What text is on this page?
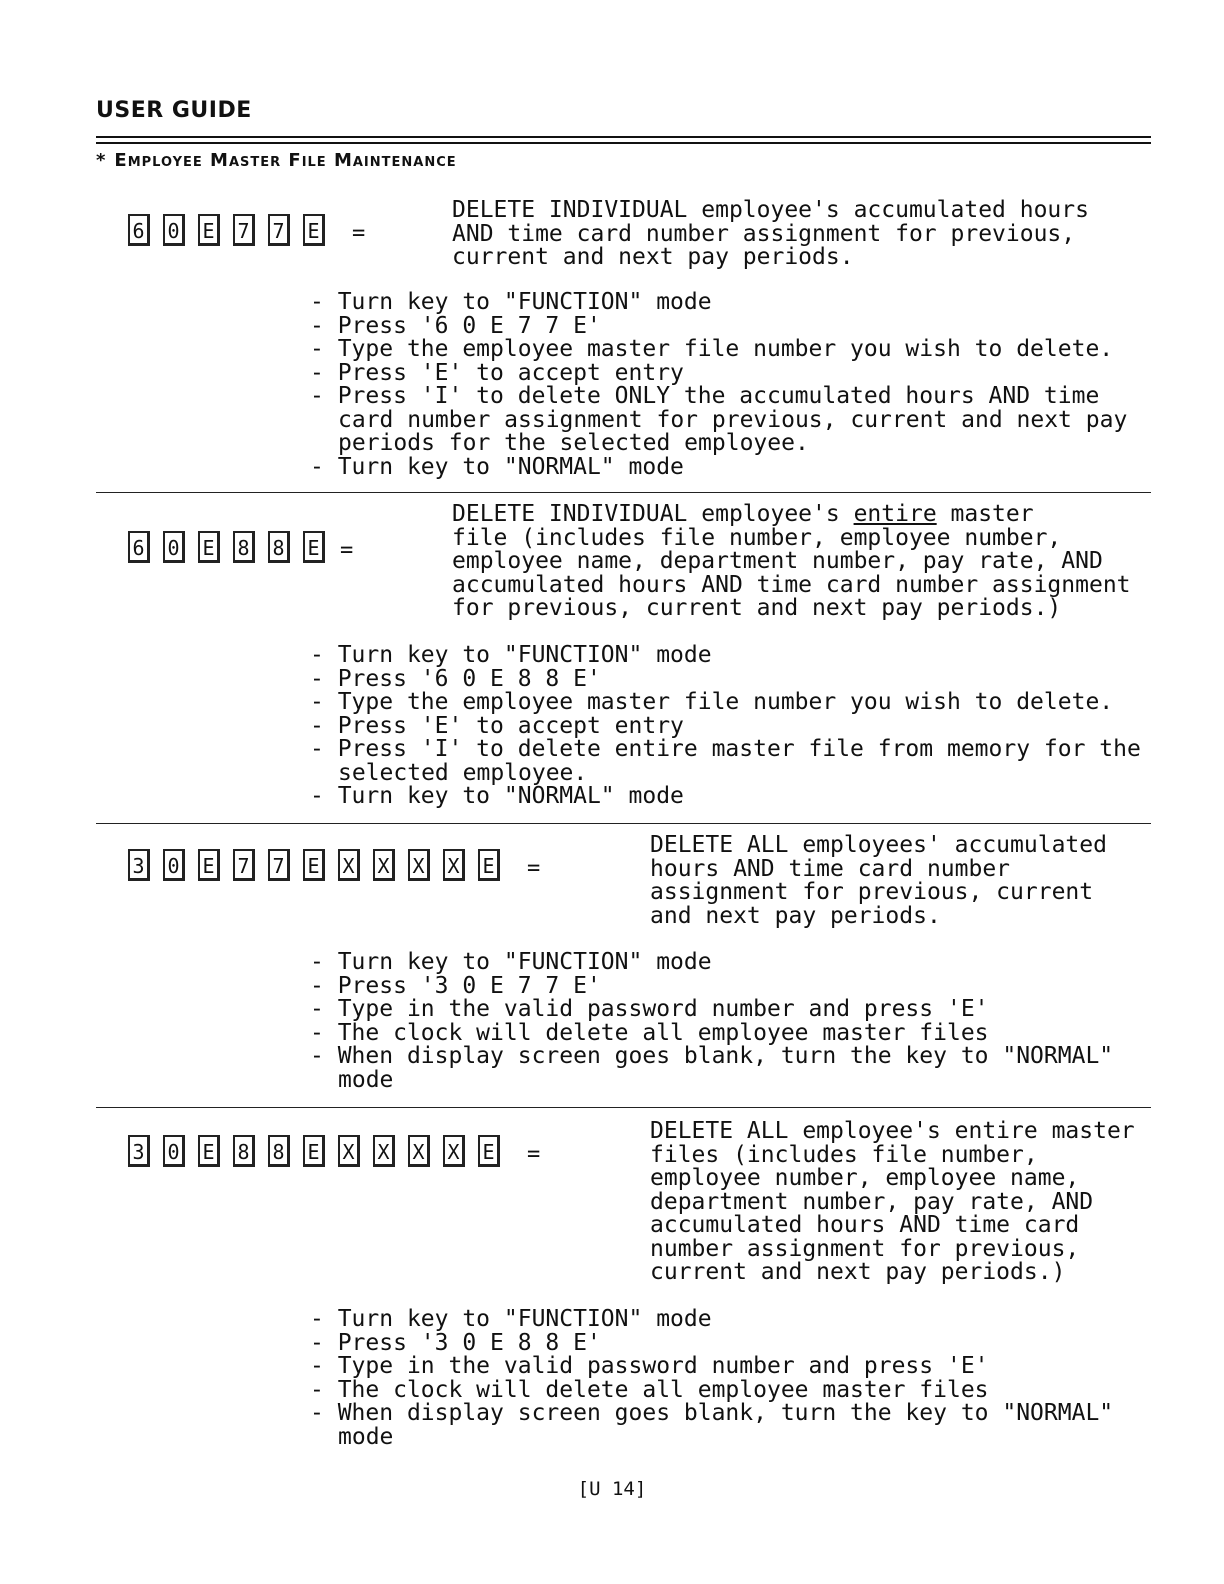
USER GUIDE
* Employee Master File Maintenance
6 0 E 7 7 E =
DELETE INDIVIDUAL employee's accumulated hours
AND time card number assignment for previous,
current and next pay periods.
- Turn key to "FUNCTION" mode
- Press '6 0 E 7 7 E'
- Type the employee master file number you wish to delete.
- Press 'E' to accept entry
- Press 'I' to delete ONLY the accumulated hours AND time card number assignment for previous, current and next pay periods for the selected employee.
- Turn key to "NORMAL" mode
6 0 E 8 8 E =
DELETE INDIVIDUAL employee's entire master
file (includes file number, employee number,
employee name, department number, pay rate, AND
accumulated hours AND time card number assignment
for previous, current and next pay periods.)
- Turn key to "FUNCTION" mode
- Press '6 0 E 8 8 E'
- Type the employee master file number you wish to delete.
- Press 'E' to accept entry
- Press 'I' to delete entire master file from memory for the selected employee.
- Turn key to "NORMAL" mode
3 0 E 7 7 E X X X X E =
DELETE ALL employees' accumulated
hours AND time card number
assignment for previous, current
and next pay periods.
- Turn key to "FUNCTION" mode
- Press '3 0 E 7 7 E'
- Type in the valid password number and press 'E'
- The clock will delete all employee master files
- When display screen goes blank, turn the key to "NORMAL" mode
3 0 E 8 8 E X X X X E =
DELETE ALL employee's entire master
files (includes file number,
employee number, employee name,
department number, pay rate, AND
accumulated hours AND time card
number assignment for previous,
current and next pay periods.)
- Turn key to "FUNCTION" mode
- Press '3 0 E 8 8 E'
- Type in the valid password number and press 'E'
- The clock will delete all employee master files
- When display screen goes blank, turn the key to "NORMAL" mode
[U 14]
